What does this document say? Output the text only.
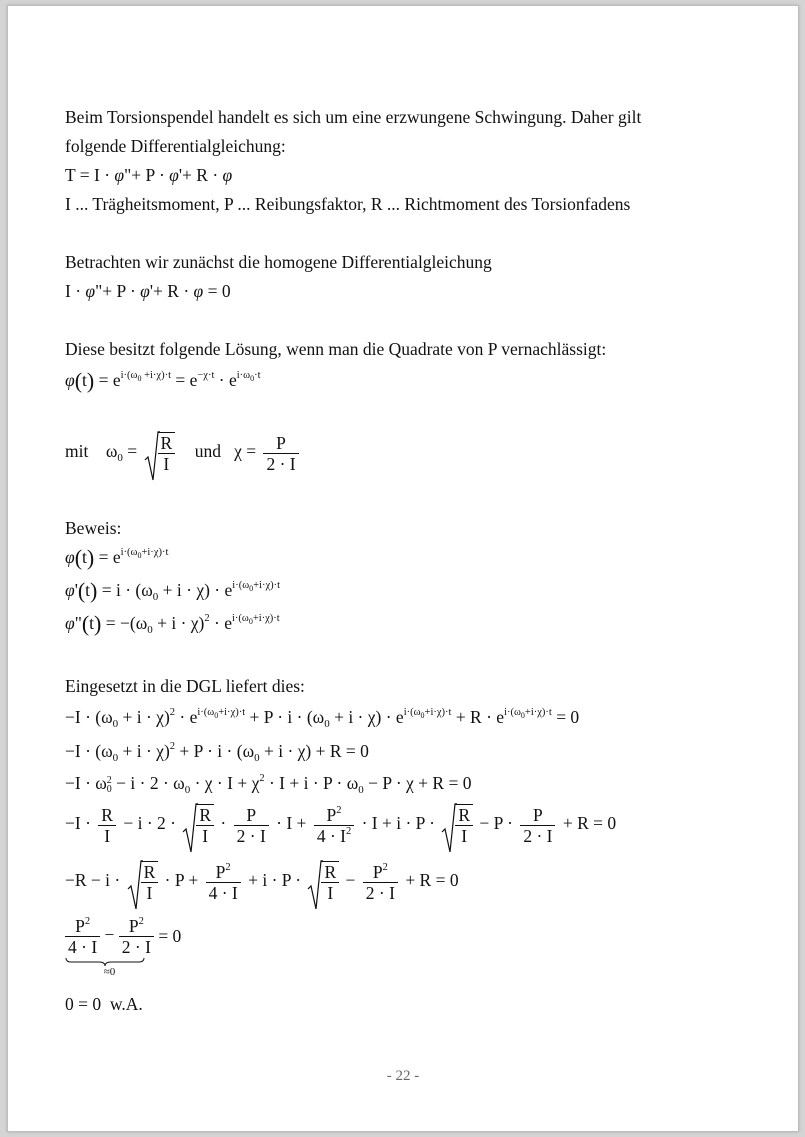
Beim Torsionspendel handelt es sich um eine erzwungene Schwingung. Daher gilt
folgende Differentialgleichung:
T = I · φ"+ P · φ'+ R · φ
I ... Trägheitsmoment, P ... Reibungsfaktor, R ... Richtmoment des Torsionfadens
Betrachten wir zunächst die homogene Differentialgleichung
I · φ"+ P · φ'+ R · φ = 0
Diese besitzt folgende Lösung, wenn man die Quadrate von P vernachlässigt:
$\varphi(t) = e^{i\cdot(\omega_0 +i\cdot\chi)\cdot t} = e^{-\chi\cdot t} \cdot e^{i\cdot\omega_0\cdot t}$
mit $\omega_0 = \frac{R}{I}$ und $\chi = \frac{P}{2 \cdot I}$
Beweis:
$\varphi(t) = e^{i\cdot(\omega_0+i\cdot\chi)\cdot t}$
$\varphi'(t) = i \cdot (\omega_0 + i \cdot \chi) \cdot e^{i\cdot(\omega_0+i\cdot\chi)\cdot t}$
φ"(t) = $-(\omega_0 + i \cdot \chi)^2 \cdot e^{i\cdot(\omega_0+i\cdot\chi)\cdot t}$
Eingesetzt in die DGL liefert dies:
$-I \cdot (\omega_0 + i \cdot \chi)^2 \cdot e^{i\cdot(\omega_0+i\cdot\chi)\cdot t} + P \cdot i \cdot (\omega_0 + i \cdot \chi) \cdot e^{i\cdot(\omega_0+i\cdot\chi)\cdot t} + R \cdot e^{i\cdot(\omega_0+i\cdot\chi)\cdot t} = 0$
$-I \cdot (\omega_0 + i \cdot \chi)^2 + P \cdot i \cdot (\omega_0 + i \cdot \chi) + R = 0$
−I · ω 2
$0 - i \cdot 2 \cdot \omega_0 \cdot \chi \cdot I + \chi^2 \cdot I + i \cdot P \cdot \omega_0 - P \cdot \chi + R = 0$
$-I \cdot \frac{R}{I} - i \cdot 2 \cdot \frac{R}{I} \cdot \frac{P}{2 \cdot I} \cdot I + \frac{P^2}{4 \cdot I^2} \cdot I + i \cdot P \cdot \frac{R}{I} - P \cdot \frac{P}{2 \cdot I} + R = 0$
$-R - i \cdot \frac{R}{I} \cdot P + \frac{P^2}{4 \cdot I} + i \cdot P \cdot \frac{R}{I} - \frac{P^2}{2 \cdot I} + R = 0$
$\frac{P^2}{4 \cdot I} - \frac{P^2}{2 \cdot I}$
≈0
= 0
0 = 0  w.A.
- 22 -
